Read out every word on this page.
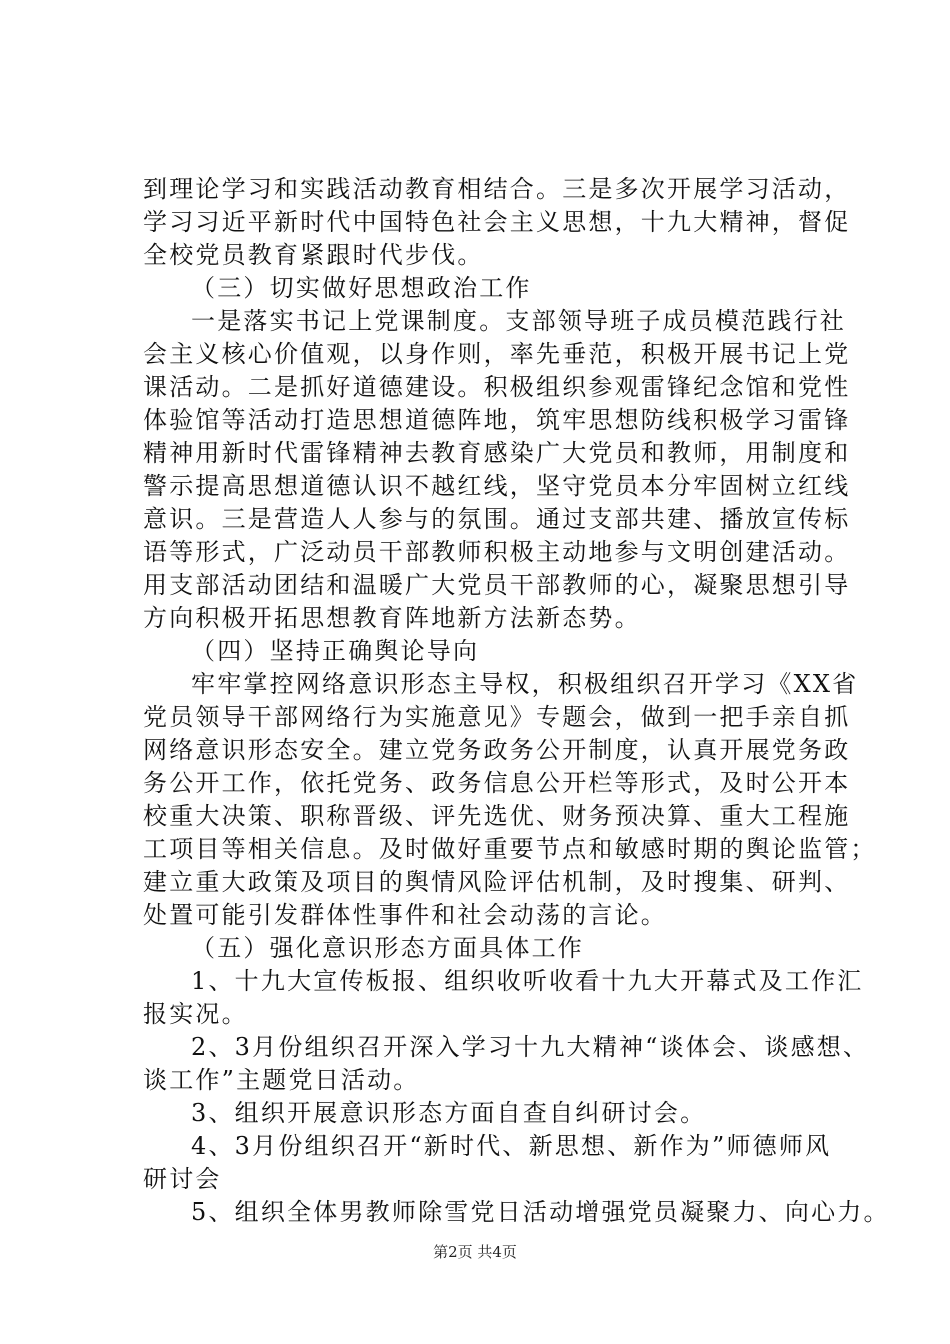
到理论学习和实践活动教育相结合。三是多次开展学习活动，
学习习近平新时代中国特色社会主义思想，十九大精神，督促
全校党员教育紧跟时代步伐。
（三）切实做好思想政治工作
一是落实书记上党课制度。支部领导班子成员模范践行社
会主义核心价值观，以身作则，率先垂范，积极开展书记上党
课活动。二是抓好道德建设。积极组织参观雷锋纪念馆和党性
体验馆等活动打造思想道德阵地，筑牢思想防线积极学习雷锋
精神用新时代雷锋精神去教育感染广大党员和教师，用制度和
警示提高思想道德认识不越红线，坚守党员本分牢固树立红线
意识。三是营造人人参与的氛围。通过支部共建、播放宣传标
语等形式，广泛动员干部教师积极主动地参与文明创建活动。
用支部活动团结和温暖广大党员干部教师的心，凝聚思想引导
方向积极开拓思想教育阵地新方法新态势。
（四）坚持正确舆论导向
牢牢掌控网络意识形态主导权，积极组织召开学习《XX省
党员领导干部网络行为实施意见》专题会，做到一把手亲自抓
网络意识形态安全。建立党务政务公开制度，认真开展党务政
务公开工作，依托党务、政务信息公开栏等形式，及时公开本
校重大决策、职称晋级、评先选优、财务预决算、重大工程施
工项目等相关信息。及时做好重要节点和敏感时期的舆论监管；
建立重大政策及项目的舆情风险评估机制，及时搜集、研判、
处置可能引发群体性事件和社会动荡的言论。
（五）强化意识形态方面具体工作
1、十九大宣传板报、组织收听收看十九大开幕式及工作汇
报实况。
2、3月份组织召开深入学习十九大精神“谈体会、谈感想、
谈工作”主题党日活动。
3、组织开展意识形态方面自查自纠研讨会。
4、3月份组织召开“新时代、新思想、新作为”师德师风
研讨会
5、组织全体男教师除雪党日活动增强党员凝聚力、向心力。
第2页 共4页
